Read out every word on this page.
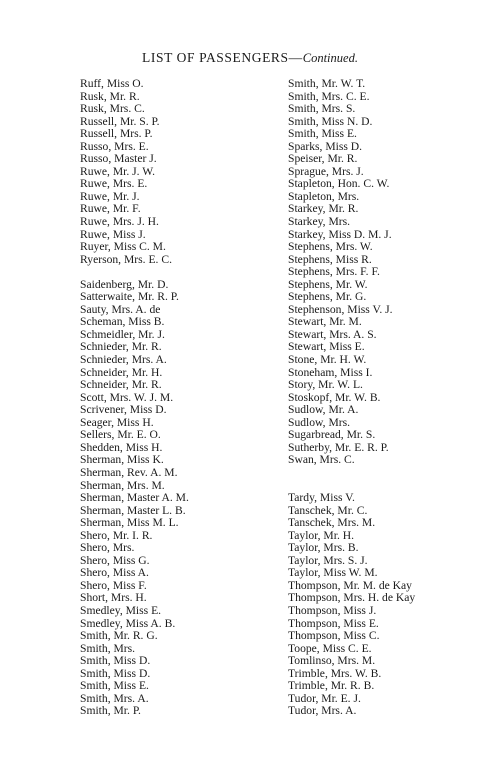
LIST OF PASSENGERS—Continued.
Ruff, Miss O.
Rusk, Mr. R.
Rusk, Mrs. C.
Russell, Mr. S. P.
Russell, Mrs. P.
Russo, Mrs. E.
Russo, Master J.
Ruwe, Mr. J. W.
Ruwe, Mrs. E.
Ruwe, Mr. J.
Ruwe, Mr. F.
Ruwe, Mrs. J. H.
Ruwe, Miss J.
Ruyer, Miss C. M.
Ryerson, Mrs. E. C.
Saidenberg, Mr. D.
Satterwaite, Mr. R. P.
Sauty, Mrs. A. de
Scheman, Miss B.
Schmeidler, Mr. J.
Schnieder, Mr. R.
Schnieder, Mrs. A.
Schneider, Mr. H.
Schneider, Mr. R.
Scott, Mrs. W. J. M.
Scrivener, Miss D.
Seager, Miss H.
Sellers, Mr. E. O.
Shedden, Miss H.
Sherman, Miss K.
Sherman, Rev. A. M.
Sherman, Mrs. M.
Sherman, Master A. M.
Sherman, Master L. B.
Sherman, Miss M. L.
Shero, Mr. I. R.
Shero, Mrs.
Shero, Miss G.
Shero, Miss A.
Shero, Miss F.
Short, Mrs. H.
Smedley, Miss E.
Smedley, Miss A. B.
Smith, Mr. R. G.
Smith, Mrs.
Smith, Miss D.
Smith, Miss D.
Smith, Miss E.
Smith, Mrs. A.
Smith, Mr. P.
Smith, Mr. W. T.
Smith, Mrs. C. E.
Smith, Mrs. S.
Smith, Miss N. D.
Smith, Miss E.
Sparks, Miss D.
Speiser, Mr. R.
Sprague, Mrs. J.
Stapleton, Hon. C. W.
Stapleton, Mrs.
Starkey, Mr. R.
Starkey, Mrs.
Starkey, Miss D. M. J.
Stephens, Mrs. W.
Stephens, Miss R.
Stephens, Mrs. F. F.
Stephens, Mr. W.
Stephens, Mr. G.
Stephenson, Miss V. J.
Stewart, Mr. M.
Stewart, Mrs. A. S.
Stewart, Miss E.
Stone, Mr. H. W.
Stoneham, Miss I.
Story, Mr. W. L.
Stoskopf, Mr. W. B.
Sudlow, Mr. A.
Sudlow, Mrs.
Sugarbread, Mr. S.
Sutherby, Mr. E. R. P.
Swan, Mrs. C.
Tardy, Miss V.
Tanschek, Mr. C.
Tanschek, Mrs. M.
Taylor, Mr. H.
Taylor, Mrs. B.
Taylor, Mrs. S. J.
Taylor, Miss W. M.
Thompson, Mr. M. de Kay
Thompson, Mrs. H. de Kay
Thompson, Miss J.
Thompson, Miss E.
Thompson, Miss C.
Toope, Miss C. E.
Tomlinso, Mrs. M.
Trimble, Mrs. W. B.
Trimble, Mr. R. B.
Tudor, Mr. E. J.
Tudor, Mrs. A.
